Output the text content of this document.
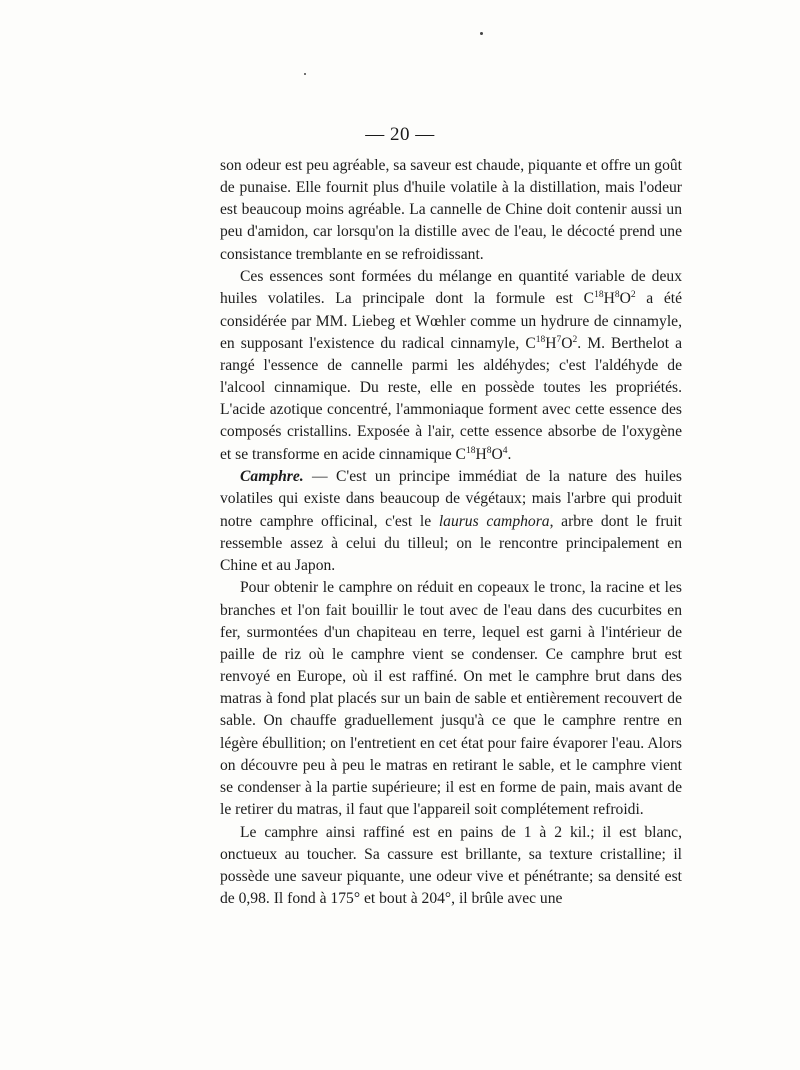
— 20 —

son odeur est peu agréable, sa saveur est chaude, piquante et offre un goût de punaise. Elle fournit plus d'huile volatile à la distillation, mais l'odeur est beaucoup moins agréable. La cannelle de Chine doit contenir aussi un peu d'amidon, car lorsqu'on la distille avec de l'eau, le décocté prend une consistance tremblante en se refroidissant.

Ces essences sont formées du mélange en quantité variable de deux huiles volatiles. La principale dont la formule est $C^{18}H^8O^2$ a été considérée par MM. Liebeg et Wœhler comme un hydrure de cinnamyle, en supposant l'existence du radical cinnamyle, $C^{18}H^7O^2$. M. Berthelot a rangé l'essence de cannelle parmi les aldéhydes; c'est l'aldéhyde de l'alcool cinnamique. Du reste, elle en possède toutes les propriétés. L'acide azotique concentré, l'ammoniaque forment avec cette essence des composés cristallins. Exposée à l'air, cette essence absorbe de l'oxygène et se transforme en acide cinnamique $C^{18}H^8O^4$.

Camphre. — C'est un principe immédiat de la nature des huiles volatiles qui existe dans beaucoup de végétaux; mais l'arbre qui produit notre camphre officinal, c'est le laurus camphora, arbre dont le fruit ressemble assez à celui du tilleul; on le rencontre principalement en Chine et au Japon.

Pour obtenir le camphre on réduit en copeaux le tronc, la racine et les branches et l'on fait bouillir le tout avec de l'eau dans des cucurbites en fer, surmontées d'un chapiteau en terre, lequel est garni à l'intérieur de paille de riz où le camphre vient se condenser. Ce camphre brut est renvoyé en Europe, où il est raffiné. On met le camphre brut dans des matras à fond plat placés sur un bain de sable et entièrement recouvert de sable. On chauffe graduellement jusqu'à ce que le camphre rentre en légère ébullition; on l'entretient en cet état pour faire évaporer l'eau. Alors on découvre peu à peu le matras en retirant le sable, et le camphre vient se condenser à la partie supérieure; il est en forme de pain, mais avant de le retirer du matras, il faut que l'appareil soit complétement refroidi.

Le camphre ainsi raffiné est en pains de 1 à 2 kil.; il est blanc, onctueux au toucher. Sa cassure est brillante, sa texture cristalline; il possède une saveur piquante, une odeur vive et pénétrante; sa densité est de 0,98. Il fond à 175° et bout à 204°, il brûle avec une
